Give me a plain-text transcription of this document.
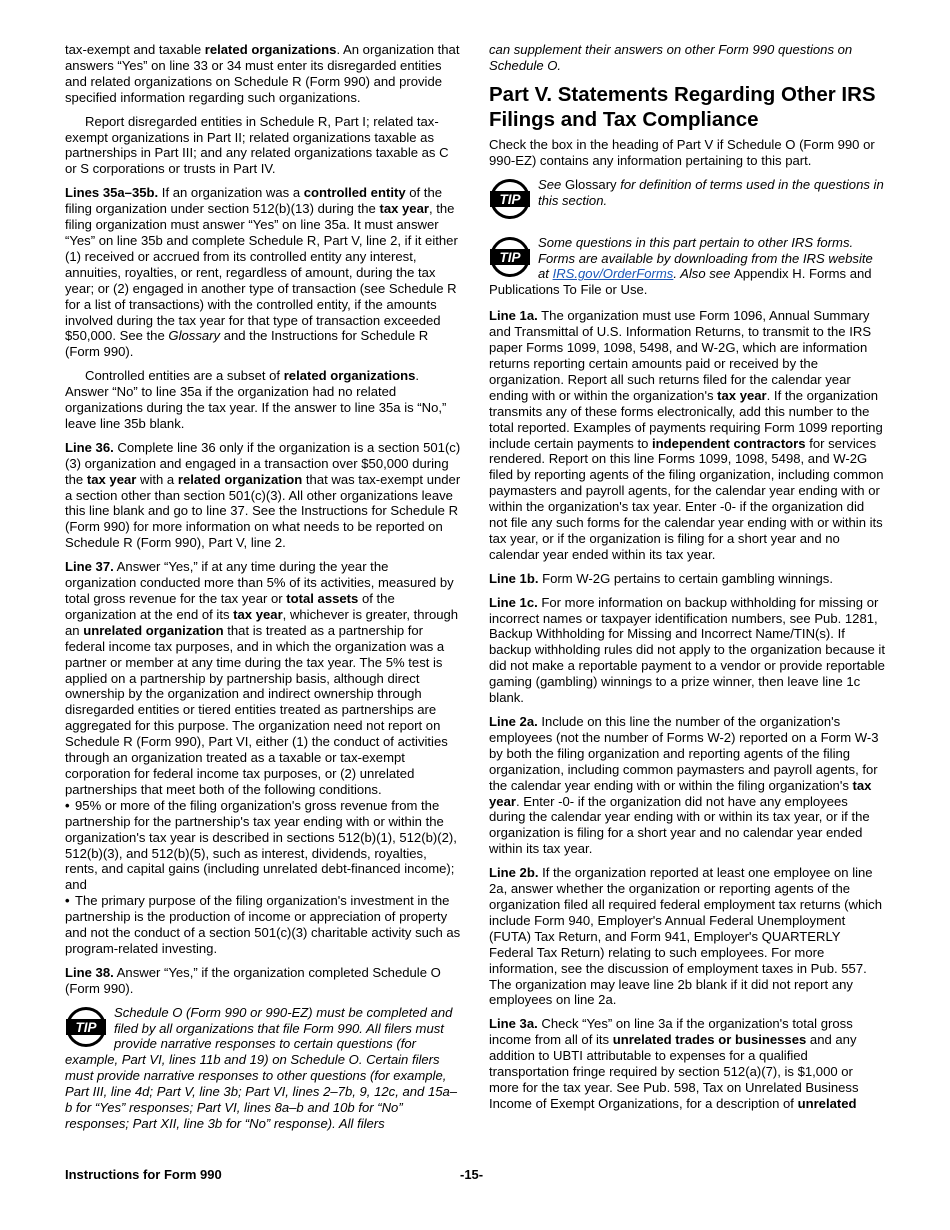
tax-exempt and taxable related organizations. An organization that answers “Yes” on line 33 or 34 must enter its disregarded entities and related organizations on Schedule R (Form 990) and provide specified information regarding such organizations.

Report disregarded entities in Schedule R, Part I; related tax-exempt organizations in Part II; related organizations taxable as partnerships in Part III; and any related organizations taxable as C or S corporations or trusts in Part IV.

Lines 35a–35b. If an organization was a controlled entity of the filing organization under section 512(b)(13) during the tax year, the filing organization must answer “Yes” on line 35a. It must answer “Yes” on line 35b and complete Schedule R, Part V, line 2, if it either (1) received or accrued from its controlled entity any interest, annuities, royalties, or rent, regardless of amount, during the tax year; or (2) engaged in another type of transaction (see Schedule R for a list of transactions) with the controlled entity, if the amounts involved during the tax year for that type of transaction exceeded $50,000. See the Glossary and the Instructions for Schedule R (Form 990).

Controlled entities are a subset of related organizations. Answer “No” to line 35a if the organization had no related organizations during the tax year. If the answer to line 35a is “No,” leave line 35b blank.

Line 36. Complete line 36 only if the organization is a section 501(c)(3) organization and engaged in a transaction over $50,000 during the tax year with a related organization that was tax-exempt under a section other than section 501(c)(3). All other organizations leave this line blank and go to line 37. See the Instructions for Schedule R (Form 990) for more information on what needs to be reported on Schedule R (Form 990), Part V, line 2.

Line 37. Answer “Yes,” if at any time during the year the organization conducted more than 5% of its activities, measured by total gross revenue for the tax year or total assets of the organization at the end of its tax year, whichever is greater, through an unrelated organization that is treated as a partnership for federal income tax purposes, and in which the organization was a partner or member at any time during the tax year. The 5% test is applied on a partnership by partnership basis, although direct ownership by the organization and indirect ownership through disregarded entities or tiered entities treated as partnerships are aggregated for this purpose. The organization need not report on Schedule R (Form 990), Part VI, either (1) the conduct of activities through an organization treated as a taxable or tax-exempt corporation for federal income tax purposes, or (2) unrelated partnerships that meet both of the following conditions.

• 95% or more of the filing organization's gross revenue from the partnership for the partnership's tax year ending with or within the organization's tax year is described in sections 512(b)(1), 512(b)(2), 512(b)(3), and 512(b)(5), such as interest, dividends, royalties, rents, and capital gains (including unrelated debt-financed income); and

• The primary purpose of the filing organization's investment in the partnership is the production of income or appreciation of property and not the conduct of a section 501(c)(3) charitable activity such as program-related investing.

Line 38. Answer “Yes,” if the organization completed Schedule O (Form 990).

TIP
Schedule O (Form 990 or 990-EZ) must be completed and filed by all organizations that file Form 990. All filers must provide narrative responses to certain questions (for example, Part VI, lines 11b and 19) on Schedule O. Certain filers must provide narrative responses to other questions (for example, Part III, line 4d; Part V, line 3b; Part VI, lines 2–7b, 9, 12c, and 15a–b for “Yes” responses; Part VI, lines 8a–b and 10b for “No” responses; Part XII, line 3b for “No” response). All filers

can supplement their answers on other Form 990 questions on Schedule O.

Part V. Statements Regarding Other IRS Filings and Tax Compliance

Check the box in the heading of Part V if Schedule O (Form 990 or 990-EZ) contains any information pertaining to this part.

TIP
See Glossary for definition of terms used in the questions in this section.
TIP
Some questions in this part pertain to other IRS forms. Forms are available by downloading from the IRS website at IRS.gov/OrderForms. Also see Appendix H. Forms and Publications To File or Use.

Line 1a. The organization must use Form 1096, Annual Summary and Transmittal of U.S. Information Returns, to transmit to the IRS paper Forms 1099, 1098, 5498, and W-2G, which are information returns reporting certain amounts paid or received by the organization. Report all such returns filed for the calendar year ending with or within the organization's tax year. If the organization transmits any of these forms electronically, add this number to the total reported. Examples of payments requiring Form 1099 reporting include certain payments to independent contractors for services rendered. Report on this line Forms 1099, 1098, 5498, and W-2G filed by reporting agents of the filing organization, including common paymasters and payroll agents, for the calendar year ending with or within the organization's tax year. Enter -0- if the organization did not file any such forms for the calendar year ending with or within its tax year, or if the organization is filing for a short year and no calendar year ended within its tax year.

Line 1b. Form W-2G pertains to certain gambling winnings.

Line 1c. For more information on backup withholding for missing or incorrect names or taxpayer identification numbers, see Pub. 1281, Backup Withholding for Missing and Incorrect Name/TIN(s). If backup withholding rules did not apply to the organization because it did not make a reportable payment to a vendor or provide reportable gaming (gambling) winnings to a prize winner, then leave line 1c blank.

Line 2a. Include on this line the number of the organization's employees (not the number of Forms W-2) reported on a Form W-3 by both the filing organization and reporting agents of the filing organization, including common paymasters and payroll agents, for the calendar year ending with or within the filing organization's tax year. Enter -0- if the organization did not have any employees during the calendar year ending with or within its tax year, or if the organization is filing for a short year and no calendar year ended within its tax year.

Line 2b. If the organization reported at least one employee on line 2a, answer whether the organization or reporting agents of the organization filed all required federal employment tax returns (which include Form 940, Employer's Annual Federal Unemployment (FUTA) Tax Return, and Form 941, Employer's QUARTERLY Federal Tax Return) relating to such employees. For more information, see the discussion of employment taxes in Pub. 557. The organization may leave line 2b blank if it did not report any employees on line 2a.

Line 3a. Check “Yes” on line 3a if the organization's total gross income from all of its unrelated trades or businesses and any addition to UBTI attributable to expenses for a qualified transportation fringe required by section 512(a)(7), is $1,000 or more for the tax year. See Pub. 598, Tax on Unrelated Business Income of Exempt Organizations, for a description of unrelated

Instructions for Form 990	-15-
